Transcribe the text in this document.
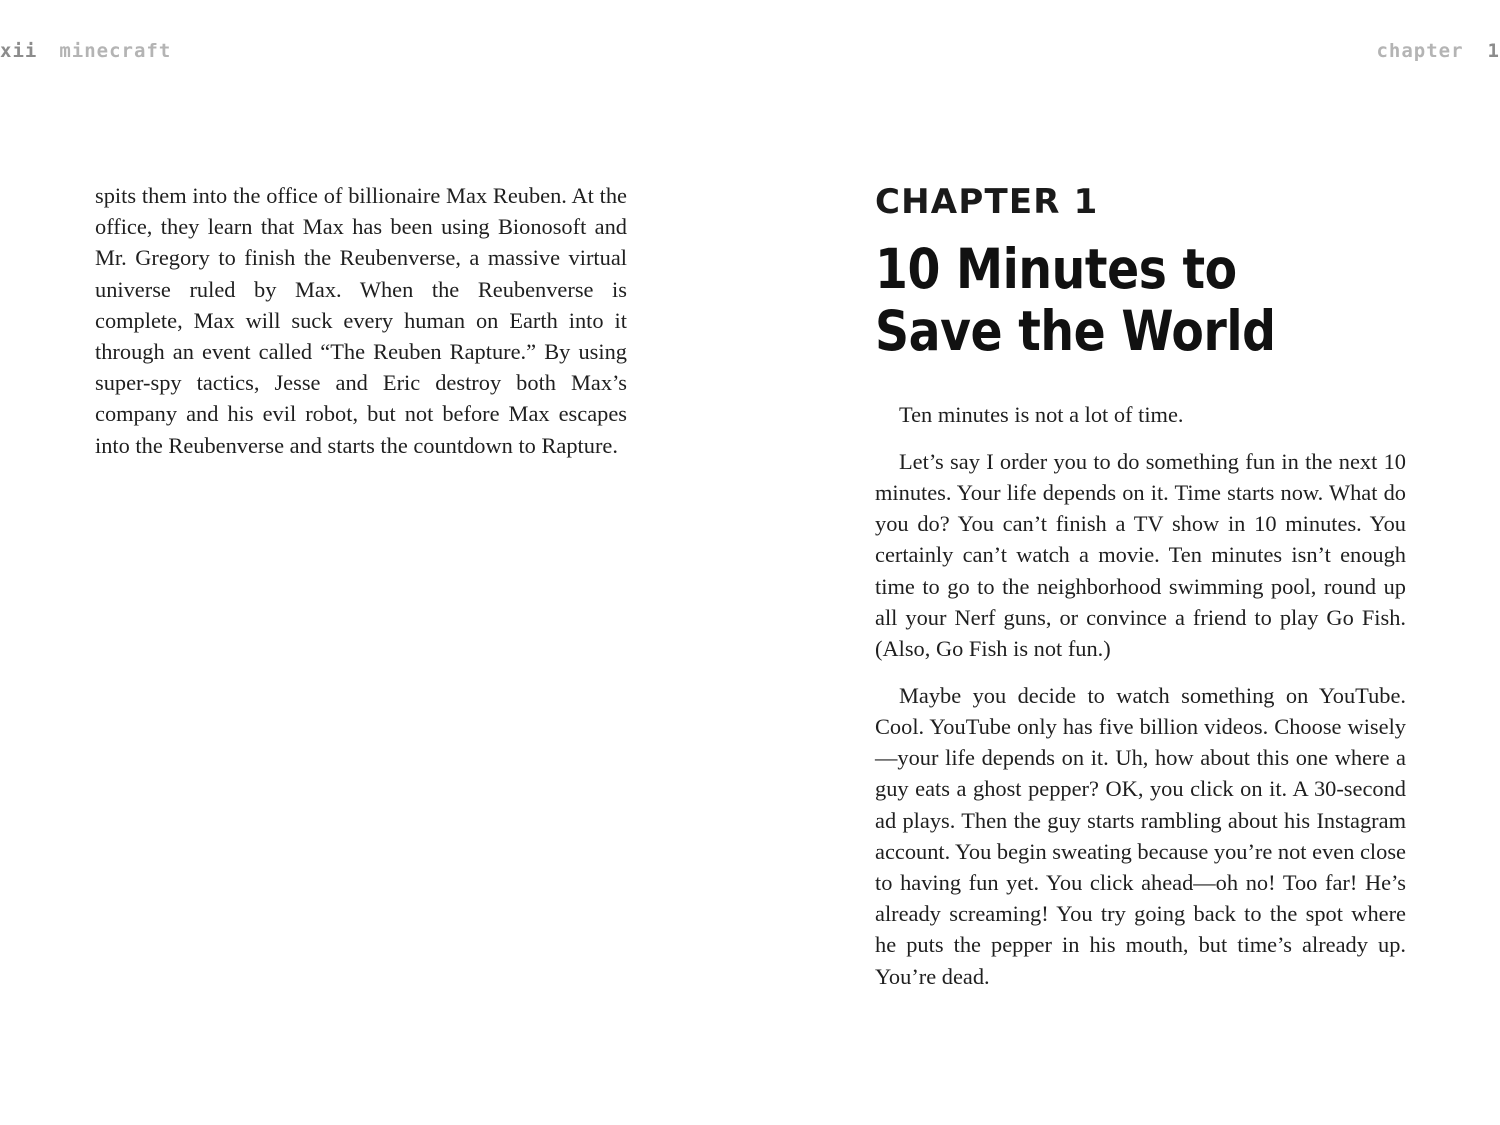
xii minecraft

spits them into the office of billionaire Max Reuben. At the office, they learn that Max has been using Bionosoft and Mr. Gregory to finish the Reubenverse, a massive virtual universe ruled by Max. When the Reubenverse is complete, Max will suck every human on Earth into it through an event called “The Reuben Rapture.” By using super-spy tactics, Jesse and Eric destroy both Max’s company and his evil robot, but not before Max escapes into the Reubenverse and starts the countdown to Rapture.

chapter 1
CHAPTER 1
10 Minutes to Save the World

Ten minutes is not a lot of time.

Let’s say I order you to do something fun in the next 10 minutes. Your life depends on it. Time starts now. What do you do? You can’t finish a TV show in 10 minutes. You certainly can’t watch a movie. Ten minutes isn’t enough time to go to the neighborhood swimming pool, round up all your Nerf guns, or convince a friend to play Go Fish. (Also, Go Fish is not fun.)

Maybe you decide to watch something on YouTube. Cool. YouTube only has five billion videos. Choose wisely—your life depends on it. Uh, how about this one where a guy eats a ghost pepper? OK, you click on it. A 30-second ad plays. Then the guy starts rambling about his Instagram account. You begin sweating because you’re not even close to having fun yet. You click ahead—oh no! Too far! He’s already screaming! You try going back to the spot where he puts the pepper in his mouth, but time’s already up. You’re dead.
